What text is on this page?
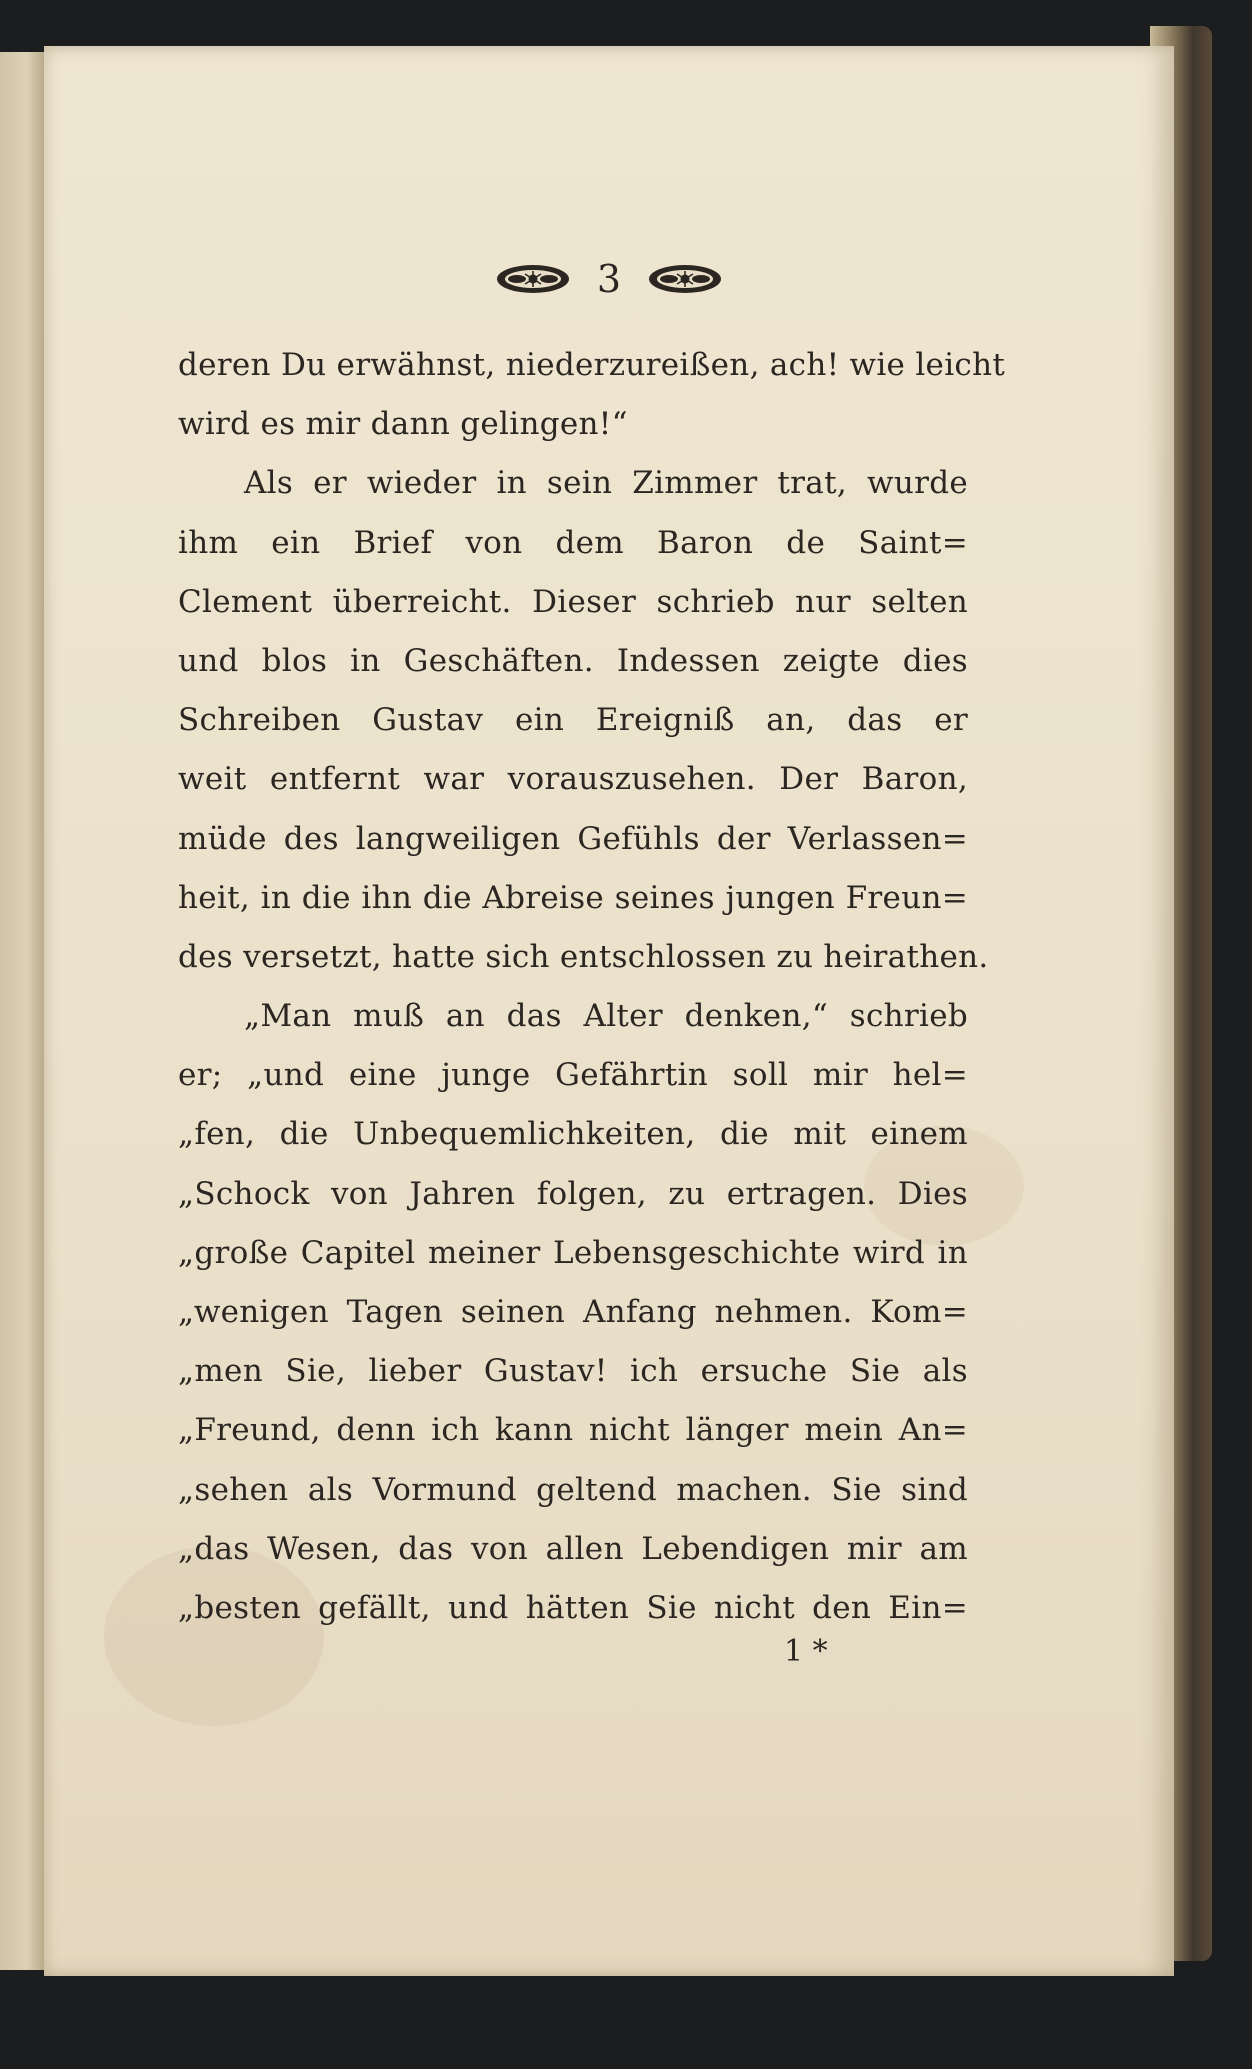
3
deren Du erwähnst, niederzureißen, ach! wie leicht
wird es mir dann gelingen!“
Als er wieder in sein Zimmer trat, wurde
ihm ein Brief von dem Baron de Saint=
Clement überreicht. Dieser schrieb nur selten
und blos in Geschäften. Indessen zeigte dies
Schreiben Gustav ein Ereigniß an, das er
weit entfernt war vorauszusehen. Der Baron,
müde des langweiligen Gefühls der Verlassen=
heit, in die ihn die Abreise seines jungen Freun=
des versetzt, hatte sich entschlossen zu heirathen.
„Man muß an das Alter denken,“ schrieb
er; „und eine junge Gefährtin soll mir hel=
„fen, die Unbequemlichkeiten, die mit einem
„Schock von Jahren folgen, zu ertragen. Dies
„große Capitel meiner Lebensgeschichte wird in
„wenigen Tagen seinen Anfang nehmen. Kom=
„men Sie, lieber Gustav! ich ersuche Sie als
„Freund, denn ich kann nicht länger mein An=
„sehen als Vormund geltend machen. Sie sind
„das Wesen, das von allen Lebendigen mir am
„besten gefällt, und hätten Sie nicht den Ein=
1 *
